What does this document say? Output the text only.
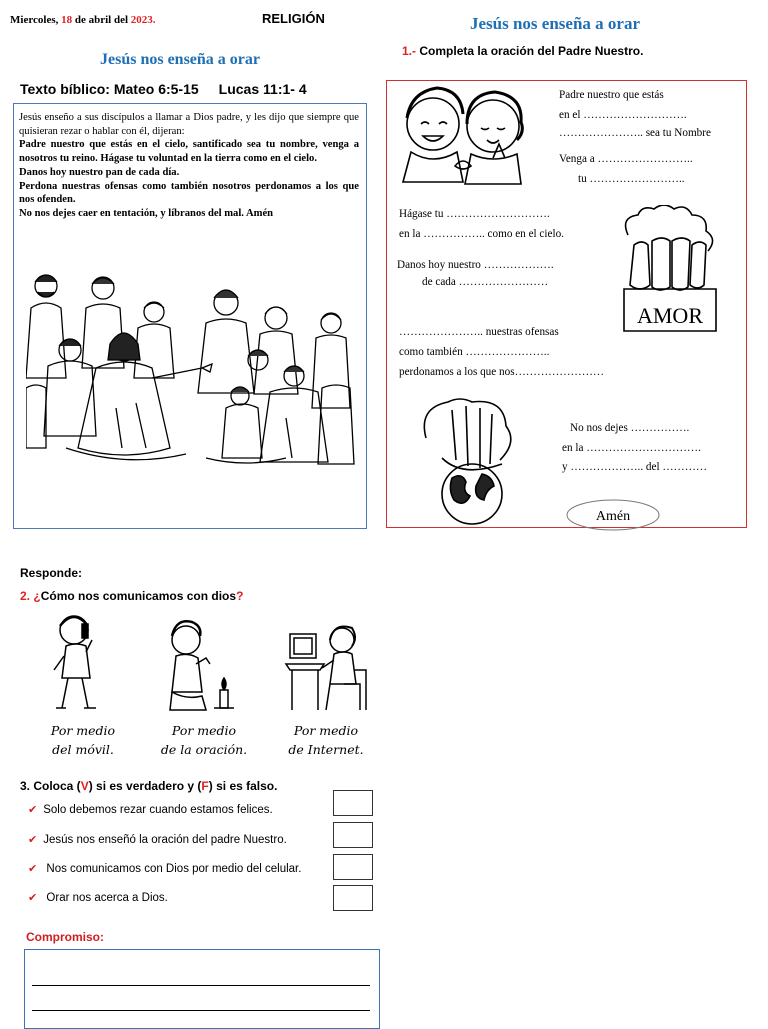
Miercoles, 18 de abril del 2023.	RELIGIÓN	Jesús nos enseña a orar
Jesús nos enseña a orar
Texto bíblico: Mateo 6:5-15 Lucas 11:1- 4

Jesús enseño a sus discípulos a llamar a Dios padre, y les dijo que siempre que quisieran rezar o hablar con él, dijeran:

Padre nuestro que estás en el cielo, santificado sea tu nombre, venga a nosotros tu reino. Hágase tu voluntad en la tierra como en el cielo.

Danos hoy nuestro pan de cada día.

Perdona nuestras ofensas como también nosotros perdonamos a los que nos ofenden.

No nos dejes caer en tentación, y líbranos del mal. Amén

1.- Completa la oración del Padre Nuestro.
AMOR
Amén
Padre nuestro que estás
en el ……………………….
………………….. sea tu Nombre
Venga a ……………………..
tu ……………………..
Hágase tu ……………………….
en la …………….. como en el cielo.
Danos hoy nuestro ……………….
de cada ……………………
………………….. nuestras ofensas
como también …………………..
perdonamos a los que nos……………………
No nos dejes …………….
en la ………………………….
y ……………….. del …………
Responde:
2. ¿Cómo nos comunicamos con dios?
Por medio
del móvil.
Por medio
de la oración.
Por medio
de Internet.
3. Coloca (V) si es verdadero y (F) si es falso.
✔ Solo debemos rezar cuando estamos felices.
✔ Jesús nos enseñó la oración del padre Nuestro.
✔ Nos comunicamos con Dios por medio del celular.
✔ Orar nos acerca a Dios.
Compromiso:
